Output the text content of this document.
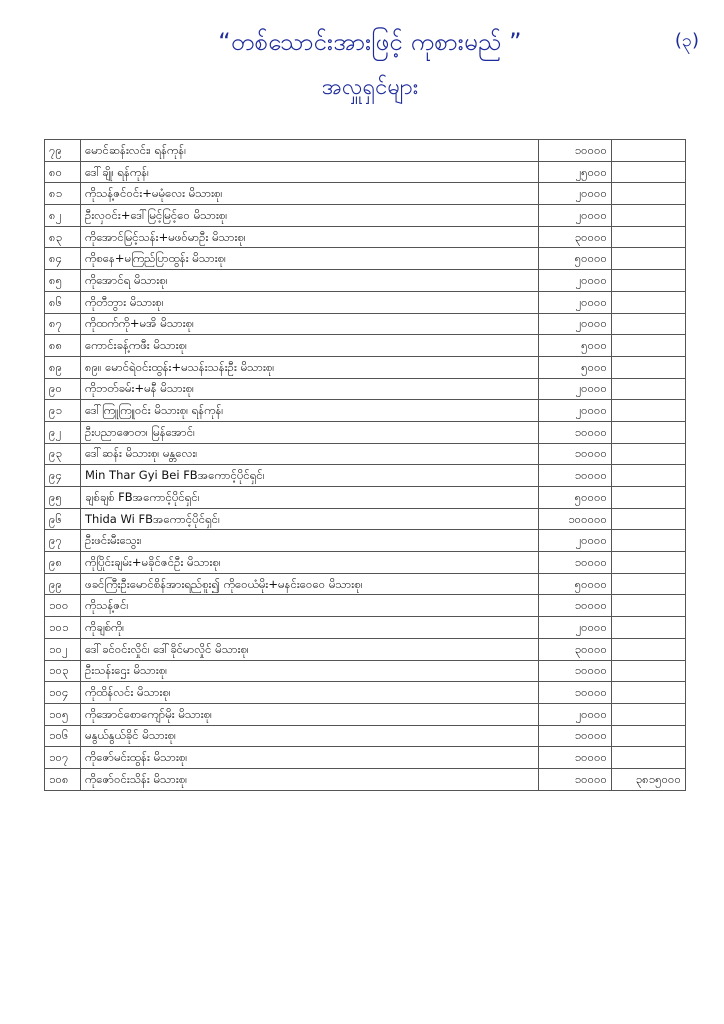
“တစ်သောင်းအားဖြင့် ကုစားမည် ”
အလှူရှင်များ
(၃)
၇၉	မောင်ဆန်းလင်း၊ ရန်ကုန်၊	၁၀၀၀၀	
၈၀	ဒေါ်ချို၊ ရန်ကုန်၊	၂၅၀၀၀	
၈၁	ကိုသန့်ဇင်ဝင်း+မမုံလေး မိသားစု၊	၂၀၀၀၀	
၈၂	ဦးလှဝင်း+ဒေါ်မြင့်မြင့်ဝေ မိသားစု၊	၂၀၀၀၀	
၈၃	ကိုအောင်မြင့်သန်း+မဖဝ်မာဦး မိသားစု၊	၃၀၀၀၀	
၈၄	ကိုစနေ+မကြည်ပြာထွန်း မိသားစု၊	၅၀၀၀၀	
၈၅	ကိုအောင်ရ မိသားစု၊	၂၀၀၀၀	
၈၆	ကိုတီဘွား မိသားစု၊	၂၀၀၀၀	
၈၇	ကိုထက်ကို+မအိ မိသားစု၊	၂၀၀၀၀	
၈၈	ကောင်းခန့်ကဖီး မိသားစု၊	၅၀၀၀	
၈၉	၈၉။ မောင်ရဲဝင်းထွန်း+မသန်းသန်းဦး မိသားစု၊	၅၀၀၀	
၉၀	ကိုဘတ်ခမ်း+မနီ မိသားစု၊	၂၀၀၀၀	
၉၁	ဒေါ်ကြူကြူဝင်း မိသားစု၊ ရန်ကုန်၊	၂၀၀၀၀	
၉၂	ဦးပညာဇောတ၊ မြန်အောင်၊	၁၀၀၀၀	
၉၃	ဒေါ်ဆန်း မိသားစု၊ မန္တလေး၊	၁၀၀၀၀	
၉၄	Min Thar Gyi Bei FBအကောင့်ပိုင်ရှင်၊	၁၀၀၀၀	
၉၅	ချစ်ချစ် FBအကောင့်ပိုင်ရှင်၊	၅၀၀၀၀	
၉၆	Thida Wi FBအကောင့်ပိုင်ရှင်၊	၁၀၀၀၀၀	
၉၇	ဦးဖင်းမီးသွေး၊	၂၀၀၀၀	
၉၈	ကိုပြိုင်းချမ်း+မခိုင်ဇင်ဦး မိသားစု၊	၁၀၀၀၀	
၉၉	ဖခင်ကြီးဦးမောင်စိန်အားရည်စူး၍ ကိုဝေယံမိုး+မနင်းဝေဝေ မိသားစု၊	၅၀၀၀၀	
၁၀၀	ကိုသန့်ဇင်၊	၁၀၀၀၀	
၁၀၁	ကိုချစ်ကို၊	၂၀၀၀၀	
၁၀၂	ဒေါ်ခင်ဝင်းလှိုင်၊ ဒေါ်ခိုင်မာလှိုင် မိသားစု၊	၃၀၀၀၀	
၁၀၃	ဦးသန်းဌေး မိသားစု၊	၁၀၀၀၀	
၁၀၄	ကိုထိန်လင်း မိသားစု၊	၁၀၀၀၀	
၁၀၅	ကိုအောင်စောကျော်မိုး မိသားစု၊	၂၀၀၀၀	
၁၀၆	မနွယ်နွယ်ခိုင် မိသားစု၊	၁၀၀၀၀	
၁၀၇	ကိုဇော်မင်းထွန်း မိသားစု၊	၁၀၀၀၀	
၁၀၈	ကိုဇော်ဝင်းသိန်း မိသားစု၊	၁၀၀၀၀	၃၈၁၅၀၀၀
